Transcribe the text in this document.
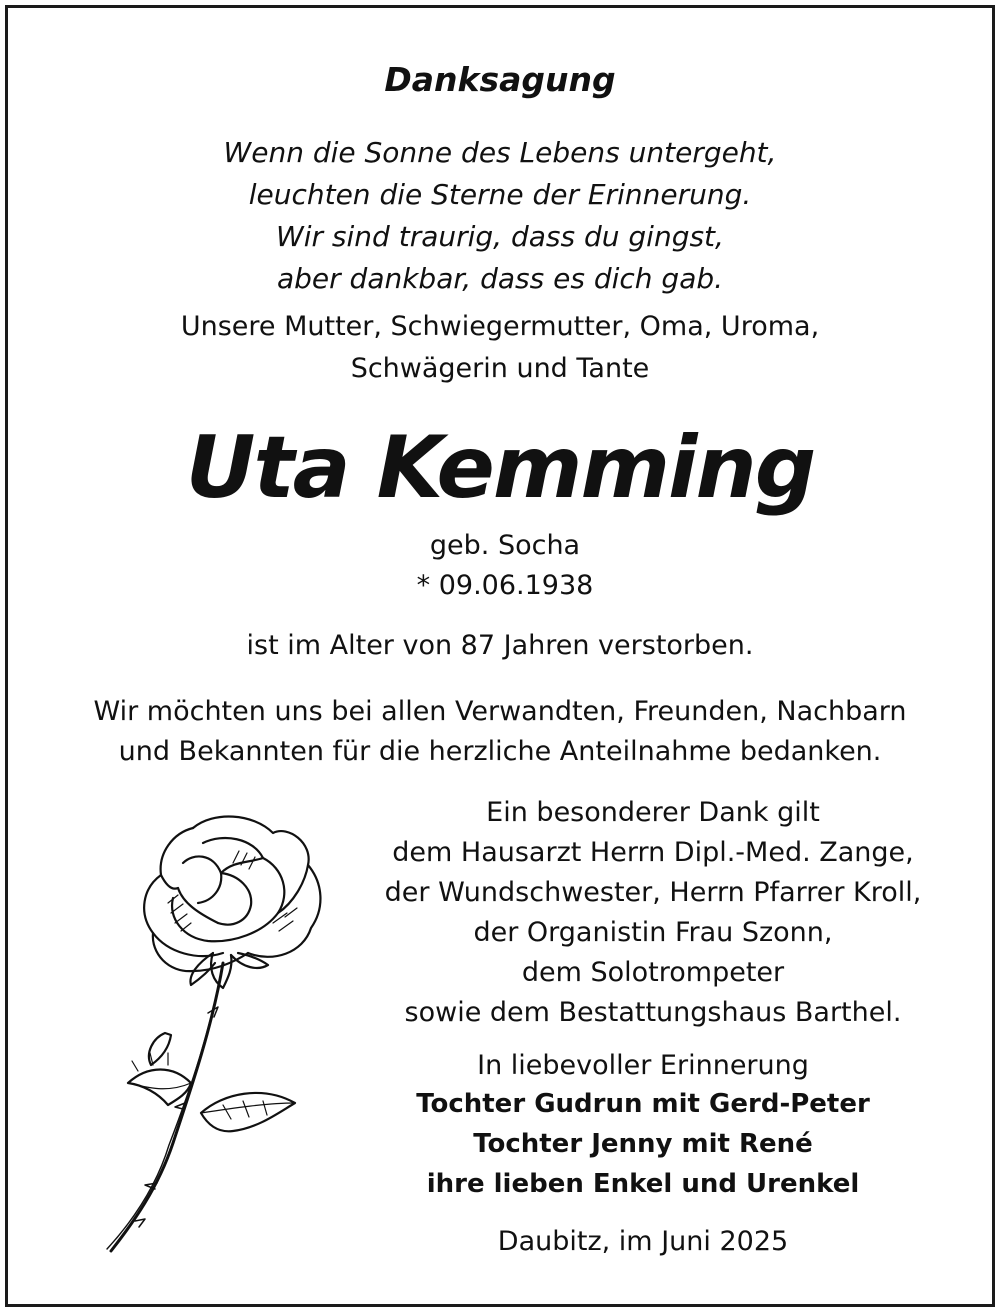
Danksagung
Wenn die Sonne des Lebens untergeht,
leuchten die Sterne der Erinnerung.
Wir sind traurig, dass du gingst,
aber dankbar, dass es dich gab.
Unsere Mutter, Schwiegermutter, Oma, Uroma,
Schwägerin und Tante
Uta Kemming
geb. Socha
* 09.06.1938
ist im Alter von 87 Jahren verstorben.
Wir möchten uns bei allen Verwandten, Freunden, Nachbarn
und Bekannten für die herzliche Anteilnahme bedanken.
Ein besonderer Dank gilt
dem Hausarzt Herrn Dipl.-Med. Zange,
der Wundschwester, Herrn Pfarrer Kroll,
der Organistin Frau Szonn,
dem Solotrompeter
sowie dem Bestattungshaus Barthel.
In liebevoller Erinnerung
Tochter Gudrun mit Gerd-Peter
Tochter Jenny mit René
ihre lieben Enkel und Urenkel
Daubitz, im Juni 2025
